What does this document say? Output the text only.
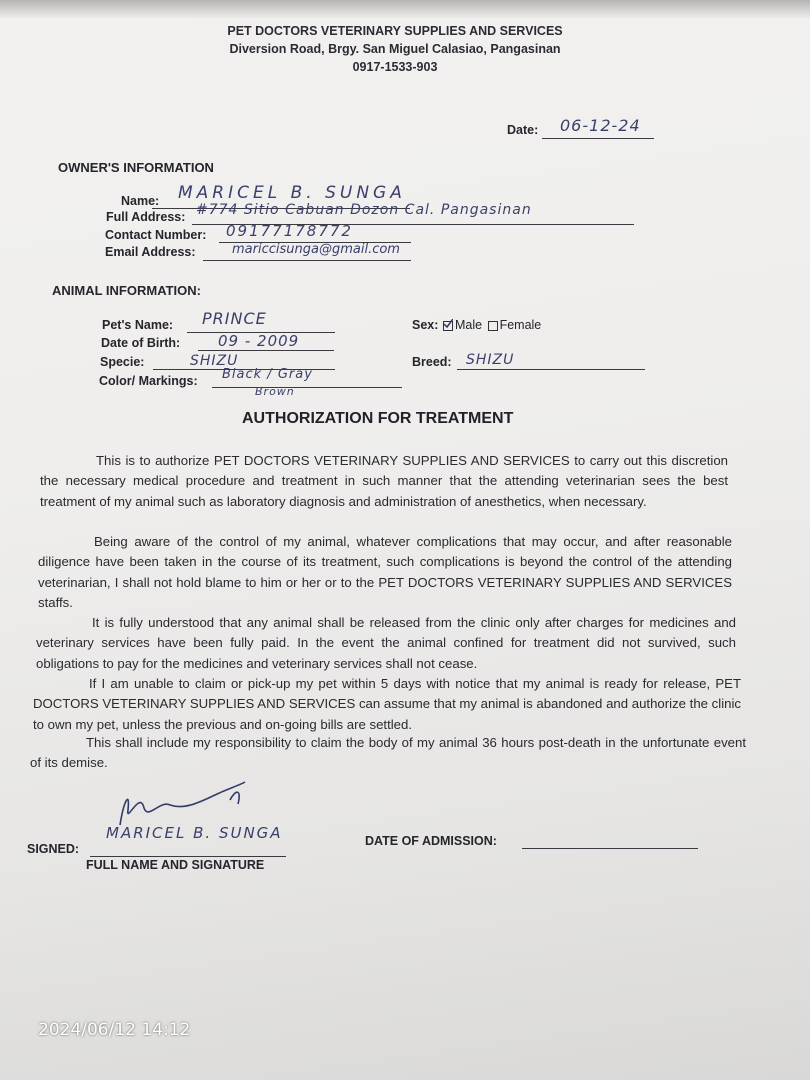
PET DOCTORS VETERINARY SUPPLIES AND SERVICES
Diversion Road, Brgy. San Miguel Calasiao, Pangasinan
0917-1533-903
Date: 06-12-24
OWNER'S INFORMATION
Name: MARICEL B. SUNGA
Full Address: #774 Sitio Cabuan Dozon Cal. Pangasinan
Contact Number: 09177178772
Email Address:	mariccisunga@gmail.com
ANIMAL INFORMATION:
Pet's Name: PRINCE
Date of Birth:	09 - 2009
Specie:	SHIZU
Color/ Markings: Black / Gray
Brown
Sex:	Male Female
Breed: SHIZU
AUTHORIZATION FOR TREATMENT
This is to authorize PET DOCTORS VETERINARY SUPPLIES AND SERVICES to carry out this discretion the necessary medical procedure and treatment in such manner that the attending veterinarian sees the best treatment of my animal such as laboratory diagnosis and administration of anesthetics, when necessary.
Being aware of the control of my animal, whatever complications that may occur, and after reasonable diligence have been taken in the course of its treatment, such complications is beyond the control of the attending veterinarian, I shall not hold blame to him or her or to the PET DOCTORS VETERINARY SUPPLIES AND SERVICES staffs.
It is fully understood that any animal shall be released from the clinic only after charges for medicines and veterinary services have been fully paid. In the event the animal confined for treatment did not survived, such obligations to pay for the medicines and veterinary services shall not cease.
If I am unable to claim or pick-up my pet within 5 days with notice that my animal is ready for release, PET DOCTORS VETERINARY SUPPLIES AND SERVICES can assume that my animal is abandoned and authorize the clinic to own my pet, unless the previous and on-going bills are settled.
This shall include my responsibility to claim the body of my animal 36 hours post-death in the unfortunate event of its demise.
SIGNED:
MARICEL B. SUNGA
FULL NAME AND SIGNATURE
DATE OF ADMISSION:
2024/06/12 14:12
